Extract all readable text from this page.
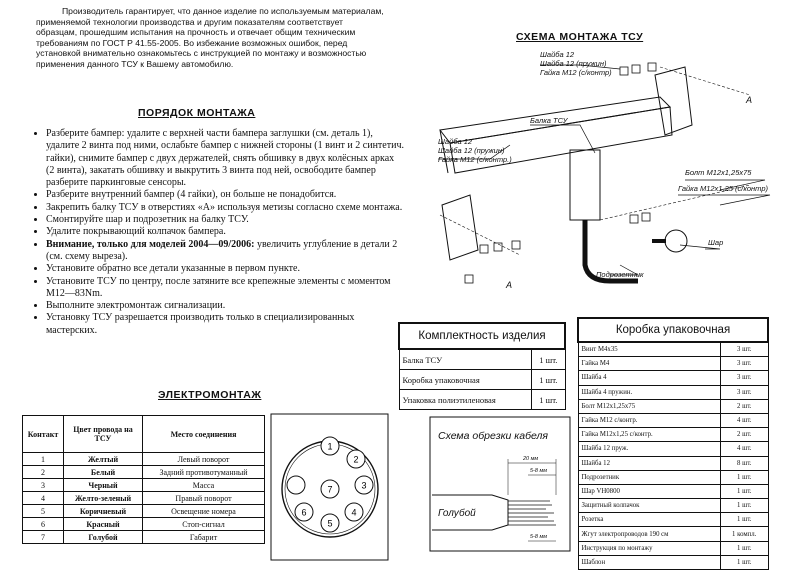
Производитель гарантирует, что данное изделие по используемым материалам, применяемой технологии производства и другим показателям соответствует образцам, прошедшим испытания на прочность и отвечает общим техническим требованиям по ГОСТ Р 41.55-2005. Во избежание возможных ошибок, перед установкой внимательно ознакомьтесь с инструкцией по монтажу и возможностью применения данного ТСУ к Вашему автомобилю.

ПОРЯДОК МОНТАЖА
• Разберите бампер: удалите с верхней части бампера заглушки (см. деталь 1), удалите 2 винта под ними, ослабьте бампер с нижней стороны (1 винт и 2 синтетич. гайки), снимите бампер с двух держателей, снять обшивку в двух колёсных арках (2 винта), закатать обшивку и выкрутить 3 винта под ней, освободите бампер разберите паркинговые сенсоры.
• Разберите внутренний бампер (4 гайки), он больше не понадобится.
• Закрепить балку ТСУ в отверстиях «А» используя метизы согласно схеме монтажа.
• Смонтируйте шар и подрозетник на балку ТСУ.
• Удалите покрывающий колпачок бампера.
• Внимание, только для моделей 2004—09/2006: увеличить углубление в детали 2 (см. схему выреза).
• Установите обратно все детали указанные в первом пункте.
• Установите ТСУ по центру, после затяните все крепежные элементы с моментом М12—83Nm.
• Выполните электромонтаж сигнализации.
• Установку ТСУ разрешается производить только в специализированных мастерских.
ЭЛЕКТРОМОНТАЖ
Контакт	Цвет провода на ТСУ	Место соединения
1	Желтый	Левый поворот
2	Белый	Задний противотуманный
3	Черный	Масса
4	Желто-зеленый	Правый поворот
5	Коричневый	Освещение номера
6	Красный	Стоп-сигнал
7	Голубой	Габарит
1
2
3
4
5
6
7
СХЕМА МОНТАЖА ТСУ
Шайба 12
Шайба 12 (пружин)
Гайка М12 (с/контр)
Балка ТСУ
Шайба 12
Шайба 12 (пружин)
Гайка М12 (с/контр.)
Болт М12х1,25х75
Гайка М12х1,25 (с/контр)
Шар
Подрозетник
А
А
Схема обрезки кабеля
20 мм
5-8 мм
5-8 мм
Голубой
Комплектность изделия	
Балка ТСУ	1 шт.
Коробка упаковочная	1 шт.
Упаковка полиэтиленовая	1 шт.
Коробка упаковочная	
Винт М4х35	3 шт.
Гайка М4	3 шт.
Шайба 4	3 шт.
Шайба 4 пружин.	3 шт.
Болт М12х1,25х75	2 шт.
Гайка М12 с/контр.	4 шт.
Гайка М12х1,25 с/контр.	2 шт.
Шайба 12 пруж.	4 шт.
Шайба 12	8 шт.
Подрозетник	1 шт.
Шар VH0800	1 шт.
Защитный колпачок	1 шт.
Розетка	1 шт.
Жгут электропроводов 190 см	1 компл.
Инструкция по монтажу	1 шт.
Шаблон	1 шт.
